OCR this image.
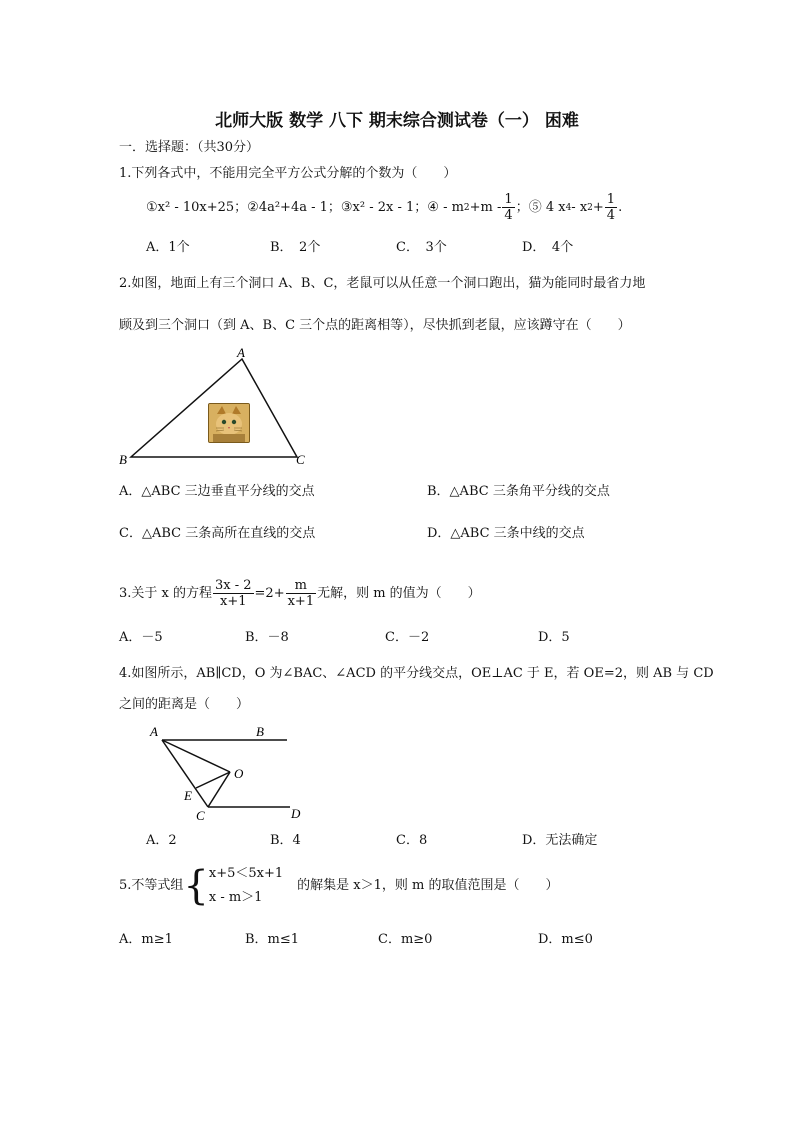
北师大版 数学 八下 期末综合测试卷（一） 困难
一．选择题：（共30分）
1.下列各式中，不能用完全平方公式分解的个数为（　　）
①x² - 10x+25；②4a²+4a - 1；③x² - 2x - 1；④ - m $2 +m - \frac{1}{4}$ ；⑤ 4 x 4 - x $2 + \frac{1}{4}$ .
A．1个	B．　2个	C．　3个	D．　4个
2.如图，地面上有三个洞口 A、B、C，老鼠可以从任意一个洞口跑出，猫为能同时最省力地
顾及到三个洞口（到 A、B、C 三个点的距离相等），尽快抓到老鼠，应该蹲守在（　　）
A
B	C
A．△ABC 三边垂直平分线的交点	B．△ABC 三条角平分线的交点
C．△ABC 三条高所在直线的交点	D．△ABC 三条中线的交点
3.关于 x 的方程 $\frac{3x - 2}{x+1} =2+ \frac{m}{x+1}$ 无解，则 m 的值为（　　）
A．－5	B．－8	C．－2	D．5
4.如图所示，AB∥CD，O 为∠BAC、∠ACD 的平分线交点，OE⊥AC 于 E，若 OE=2，则 AB 与 CD
之间的距离是（　　）
A	B
O
E
C	D
A．2	B．4	C．8	D．无法确定
5.不等式组 { x+5＜5x+1
x - m＞1
的解集是 x＞1，则 m 的取值范围是（　　）
A．m≥1	B．m≤1	C．m≥0	D．m≤0
